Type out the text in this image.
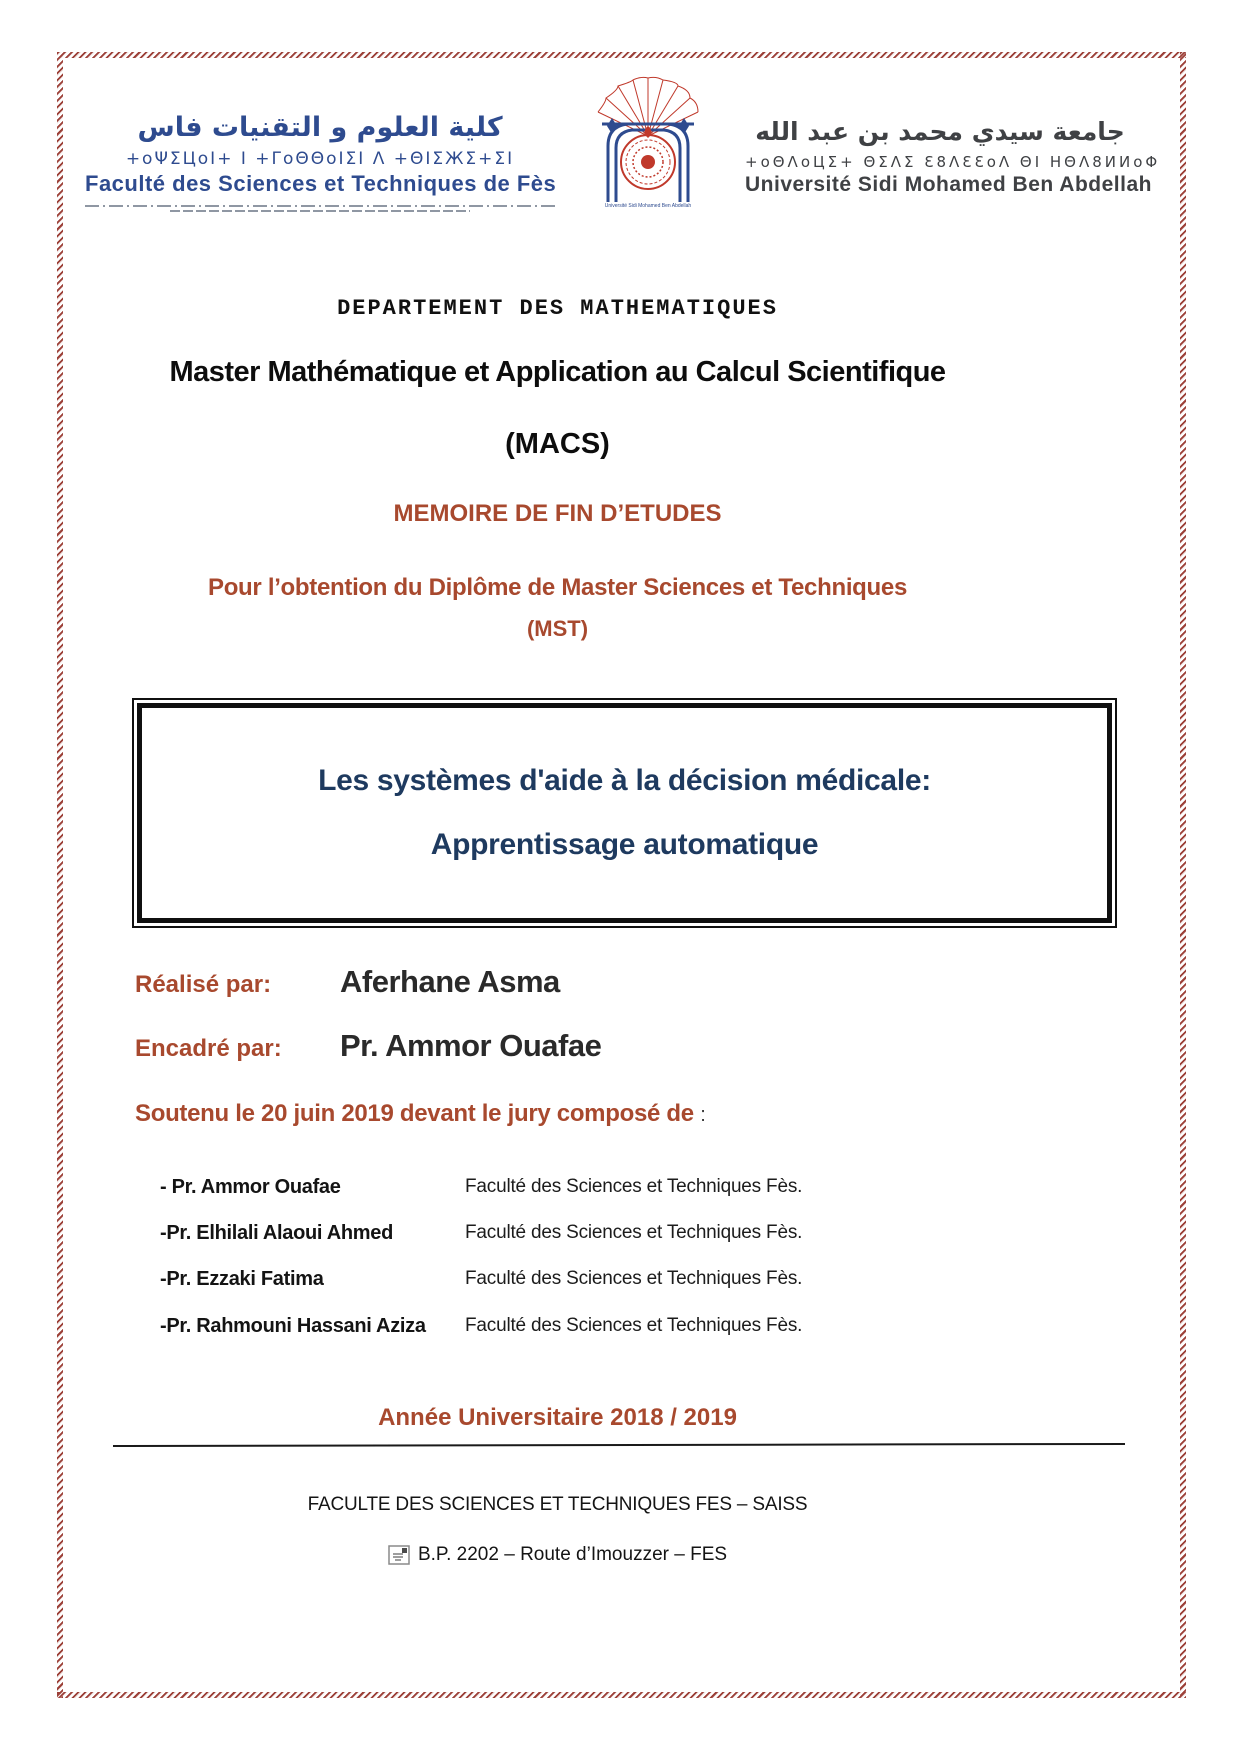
كلية العلوم و التقنيات فاس
+oΨΣЦoI+ I +ΓoΘΘoIΣI Λ +ΘΙΣЖΣ+ΣΙ
Faculté des Sciences et Techniques de Fès
Université Sidi Mohamed Ben Abdellah
جامعة سيدي محمد بن عبد الله
+oΘΛoЦΣ+ ΘΣΛΣ Ɛ8ΛƐƐoΛ ΘΙ ΗΘΛ8ИИoΦ
Université Sidi Mohamed Ben Abdellah
DEPARTEMENT DES MATHEMATIQUES
Master Mathématique et Application au Calcul Scientifique
(MACS)
MEMOIRE DE FIN D’ETUDES
Pour l’obtention du Diplôme de Master Sciences et Techniques
(MST)
Les systèmes d'aide à la décision médicale:
Apprentissage automatique
Réalisé par:	Aferhane Asma
Encadré par:	Pr. Ammor Ouafae
Soutenu le 20 juin 2019 devant le jury composé de :
- Pr. Ammor Ouafae	Faculté des Sciences et Techniques Fès.
-Pr. Elhilali Alaoui Ahmed	Faculté des Sciences et Techniques Fès.
-Pr. Ezzaki Fatima	Faculté des Sciences et Techniques Fès.
-Pr. Rahmouni Hassani Aziza Faculté des Sciences et Techniques Fès.
Année Universitaire 2018 / 2019
FACULTE DES SCIENCES ET TECHNIQUES FES – SAISS
B.P. 2202 – Route d’Imouzzer – FES
